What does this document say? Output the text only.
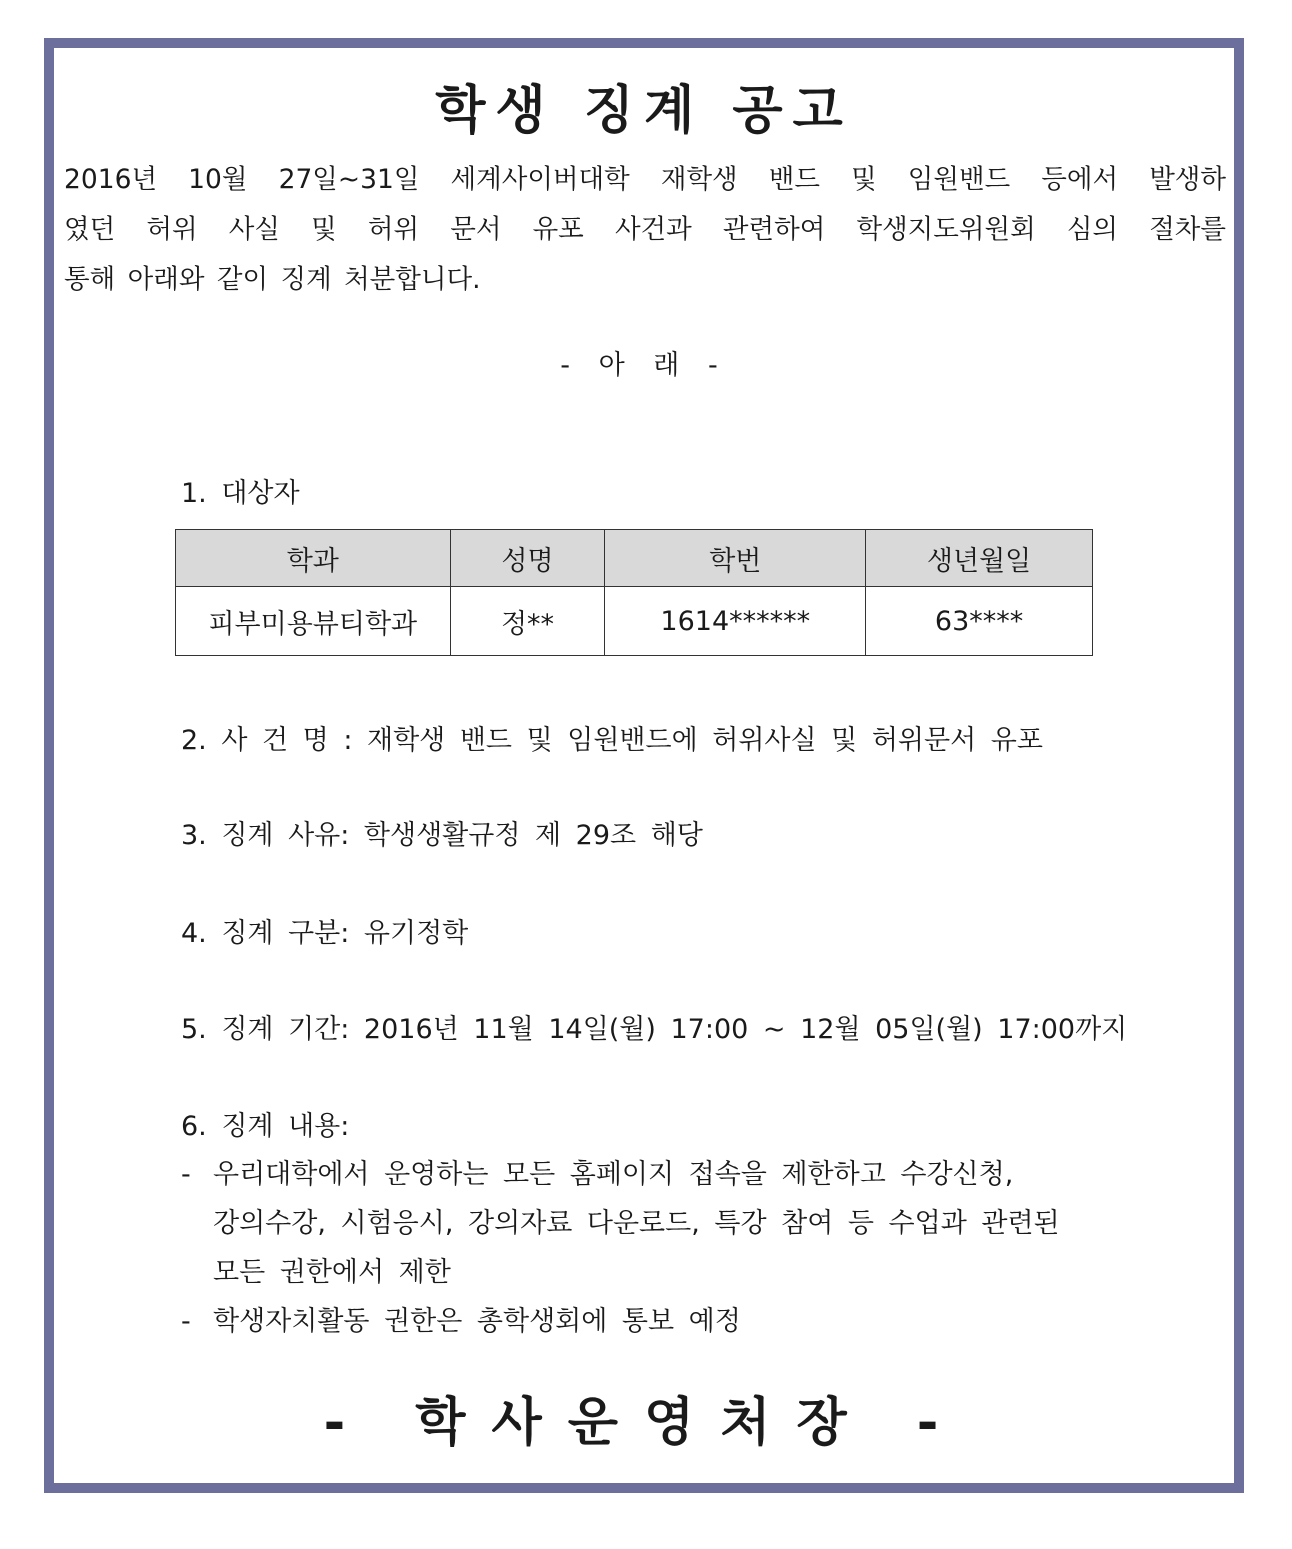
학생 징계 공고
2016년 10월 27일~31일 세계사이버대학 재학생 밴드 및 임원밴드 등에서 발생하
였던 허위 사실 및 허위 문서 유포 사건과 관련하여 학생지도위원회 심의 절차를
통해 아래와 같이 징계 처분합니다.
- 아 래 -
1. 대상자
학과	성명	학번	생년월일
피부미용뷰티학과	정**	1614******	63****
2. 사 건 명 : 재학생 밴드 및 임원밴드에 허위사실 및 허위문서 유포
3. 징계 사유: 학생생활규정 제 29조 해당
4. 징계 구분: 유기정학
5. 징계 기간: 2016년 11월 14일(월) 17:00 ~ 12월 05일(월) 17:00까지
6. 징계 내용:
- 우리대학에서 운영하는 모든 홈페이지 접속을 제한하고 수강신청,
강의수강, 시험응시, 강의자료 다운로드, 특강 참여 등 수업과 관련된
모든 권한에서 제한
- 학생자치활동 권한은 총학생회에 통보 예정
- 학사운영처장 -
